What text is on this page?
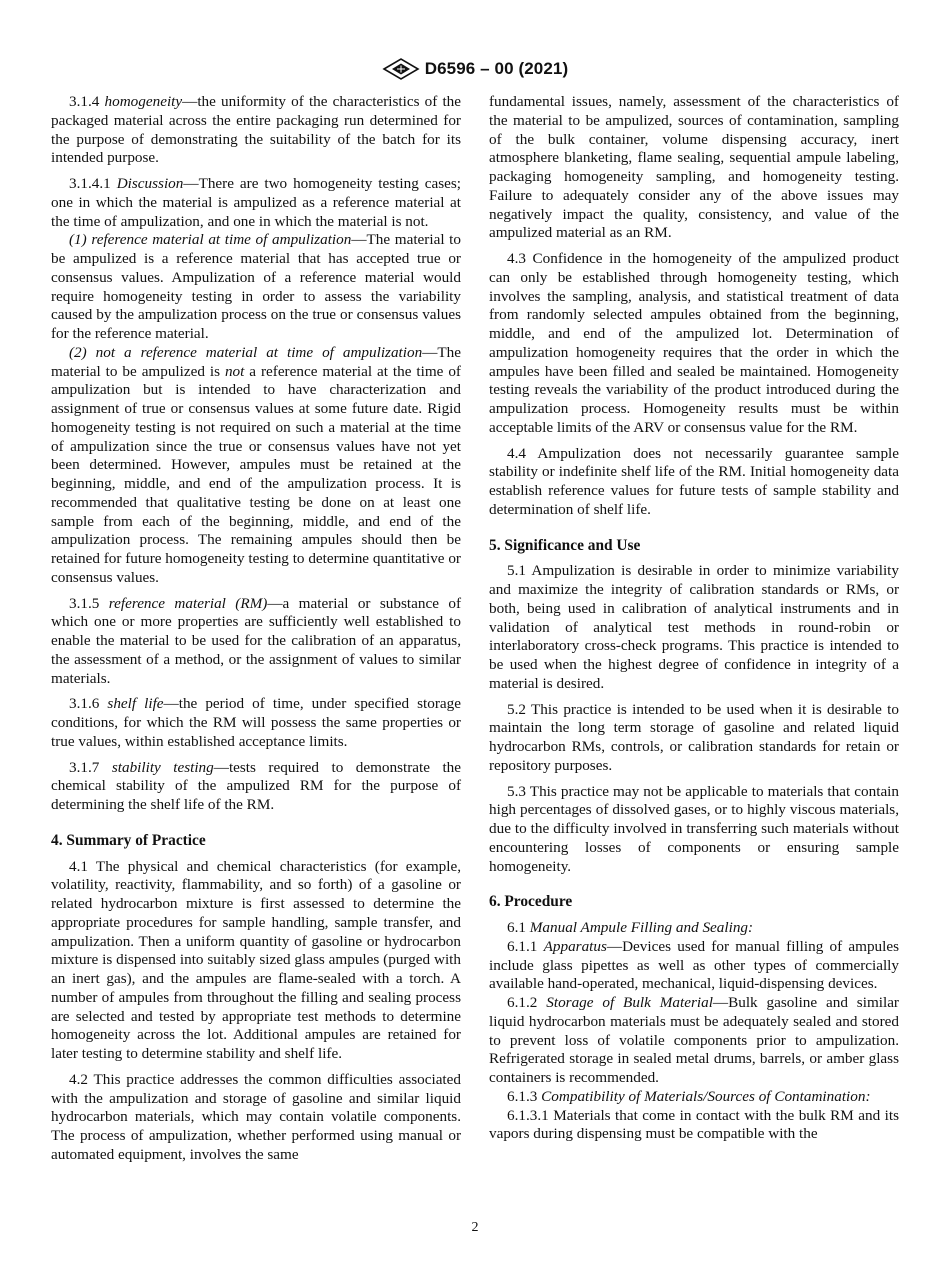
D6596 – 00 (2021)

3.1.4 homogeneity—the uniformity of the characteristics of the packaged material across the entire packaging run determined for the purpose of demonstrating the suitability of the batch for its intended purpose.

3.1.4.1 Discussion—There are two homogeneity testing cases; one in which the material is ampulized as a reference material at the time of ampulization, and one in which the material is not.

(1) reference material at time of ampulization—The material to be ampulized is a reference material that has accepted true or consensus values. Ampulization of a reference material would require homogeneity testing in order to assess the variability caused by the ampulization process on the true or consensus values for the reference material.

(2) not a reference material at time of ampulization—The material to be ampulized is not a reference material at the time of ampulization but is intended to have characterization and assignment of true or consensus values at some future date. Rigid homogeneity testing is not required on such a material at the time of ampulization since the true or consensus values have not yet been determined. However, ampules must be retained at the beginning, middle, and end of the ampulization process. It is recommended that qualitative testing be done on at least one sample from each of the beginning, middle, and end of the ampulization process. The remaining ampules should then be retained for future homogeneity testing to determine quantitative or consensus values.

3.1.5 reference material (RM)—a material or substance of which one or more properties are sufficiently well established to enable the material to be used for the calibration of an apparatus, the assessment of a method, or the assignment of values to similar materials.

3.1.6 shelf life—the period of time, under specified storage conditions, for which the RM will possess the same properties or true values, within established acceptance limits.

3.1.7 stability testing—tests required to demonstrate the chemical stability of the ampulized RM for the purpose of determining the shelf life of the RM.

4. Summary of Practice

4.1 The physical and chemical characteristics (for example, volatility, reactivity, flammability, and so forth) of a gasoline or related hydrocarbon mixture is first assessed to determine the appropriate procedures for sample handling, sample transfer, and ampulization. Then a uniform quantity of gasoline or hydrocarbon mixture is dispensed into suitably sized glass ampules (purged with an inert gas), and the ampules are flame-sealed with a torch. A number of ampules from throughout the filling and sealing process are selected and tested by appropriate test methods to determine homogeneity across the lot. Additional ampules are retained for later testing to determine stability and shelf life.

4.2 This practice addresses the common difficulties associated with the ampulization and storage of gasoline and similar liquid hydrocarbon materials, which may contain volatile components. The process of ampulization, whether performed using manual or automated equipment, involves the same

fundamental issues, namely, assessment of the characteristics of the material to be ampulized, sources of contamination, sampling of the bulk container, volume dispensing accuracy, inert atmosphere blanketing, flame sealing, sequential ampule labeling, packaging homogeneity sampling, and homogeneity testing. Failure to adequately consider any of the above issues may negatively impact the quality, consistency, and value of the ampulized material as an RM.

4.3 Confidence in the homogeneity of the ampulized product can only be established through homogeneity testing, which involves the sampling, analysis, and statistical treatment of data from randomly selected ampules obtained from the beginning, middle, and end of the ampulized lot. Determination of ampulization homogeneity requires that the order in which the ampules have been filled and sealed be maintained. Homogeneity testing reveals the variability of the product introduced during the ampulization process. Homogeneity results must be within acceptable limits of the ARV or consensus value for the RM.

4.4 Ampulization does not necessarily guarantee sample stability or indefinite shelf life of the RM. Initial homogeneity data establish reference values for future tests of sample stability and determination of shelf life.

5. Significance and Use

5.1 Ampulization is desirable in order to minimize variability and maximize the integrity of calibration standards or RMs, or both, being used in calibration of analytical instruments and in validation of analytical test methods in round-robin or interlaboratory cross-check programs. This practice is intended to be used when the highest degree of confidence in integrity of a material is desired.

5.2 This practice is intended to be used when it is desirable to maintain the long term storage of gasoline and related liquid hydrocarbon RMs, controls, or calibration standards for retain or repository purposes.

5.3 This practice may not be applicable to materials that contain high percentages of dissolved gases, or to highly viscous materials, due to the difficulty involved in transferring such materials without encountering losses of components or ensuring sample homogeneity.

6. Procedure

6.1 Manual Ampule Filling and Sealing:

6.1.1 Apparatus—Devices used for manual filling of ampules include glass pipettes as well as other types of commercially available hand-operated, mechanical, liquid-dispensing devices.

6.1.2 Storage of Bulk Material—Bulk gasoline and similar liquid hydrocarbon materials must be adequately sealed and stored to prevent loss of volatile components prior to ampulization. Refrigerated storage in sealed metal drums, barrels, or amber glass containers is recommended.

6.1.3 Compatibility of Materials/Sources of Contamination:

6.1.3.1 Materials that come in contact with the bulk RM and its vapors during dispensing must be compatible with the

2
